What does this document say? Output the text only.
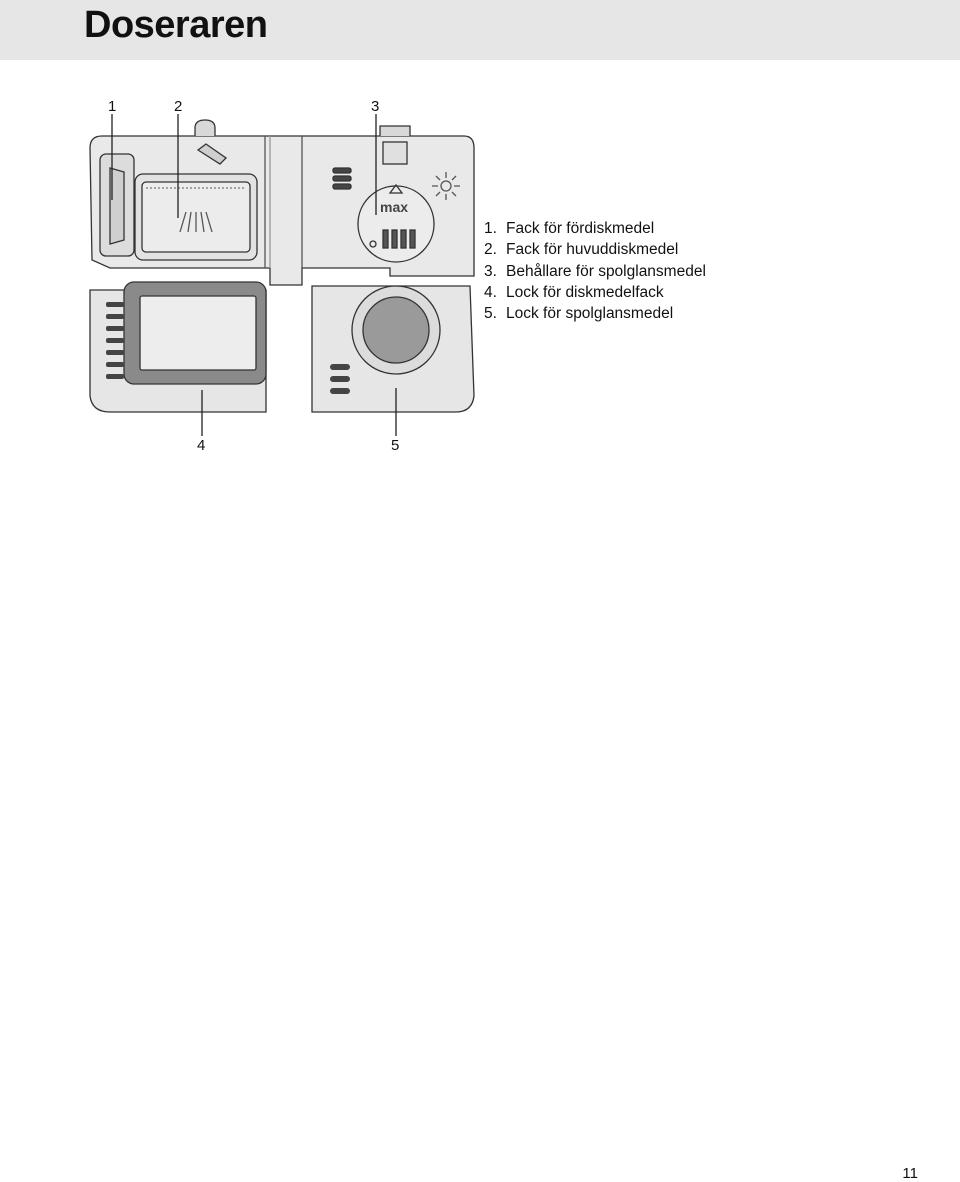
Doseraren
1	2	3
4	5
max
1. Fack för fördiskmedel
2. Fack för huvuddiskmedel
3. Behållare för spolglansmedel
4. Lock för diskmedelfack
5. Lock för spolglansmedel
11
